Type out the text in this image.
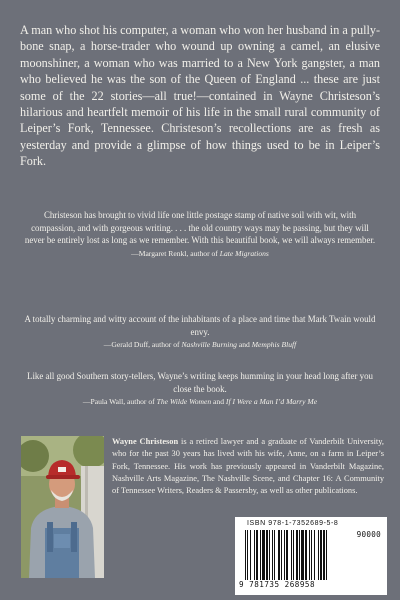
A man who shot his computer, a woman who won her husband in a pully-bone snap, a horse-trader who wound up owning a camel, an elusive moonshiner, a woman who was married to a New York gangster, a man who believed he was the son of the Queen of England ... these are just some of the 22 stories—all true!—contained in Wayne Christeson’s hilarious and heartfelt memoir of his life in the small rural community of Leiper’s Fork, Tennessee. Christeson’s recollections are as fresh as yesterday and provide a glimpse of how things used to be in Leiper’s Fork.

Christeson has brought to vivid life one little postage stamp of native soil with wit, with compassion, and with gorgeous writing. . . . the old country ways may be passing, but they will never be entirely lost as long as we remember. With this beautiful book, we will always remember.

—Margaret Renkl, author of Late Migrations

A totally charming and witty account of the inhabitants of a place and time that Mark Twain would envy.

—Gerald Duff, author of Nashville Burning and Memphis Bluff

Like all good Southern story-tellers, Wayne’s writing keeps humming in your head long after you close the book.

—Paula Wall, author of The Wilde Women and If I Were a Man I’d Marry Me

Wayne Christeson is a retired lawyer and a graduate of Vanderbilt University, who for the past 30 years has lived with his wife, Anne, on a farm in Leiper’s Fork, Tennessee. His work has previously appeared in Vanderbilt Magazine, Nashville Arts Magazine, The Nashville Scene, and Chapter 16: A Community of Tennessee Writers, Readers & Passersby, as well as other publications.

ISBN 978-1-7352689-5-8
90000
9 781735 268958
